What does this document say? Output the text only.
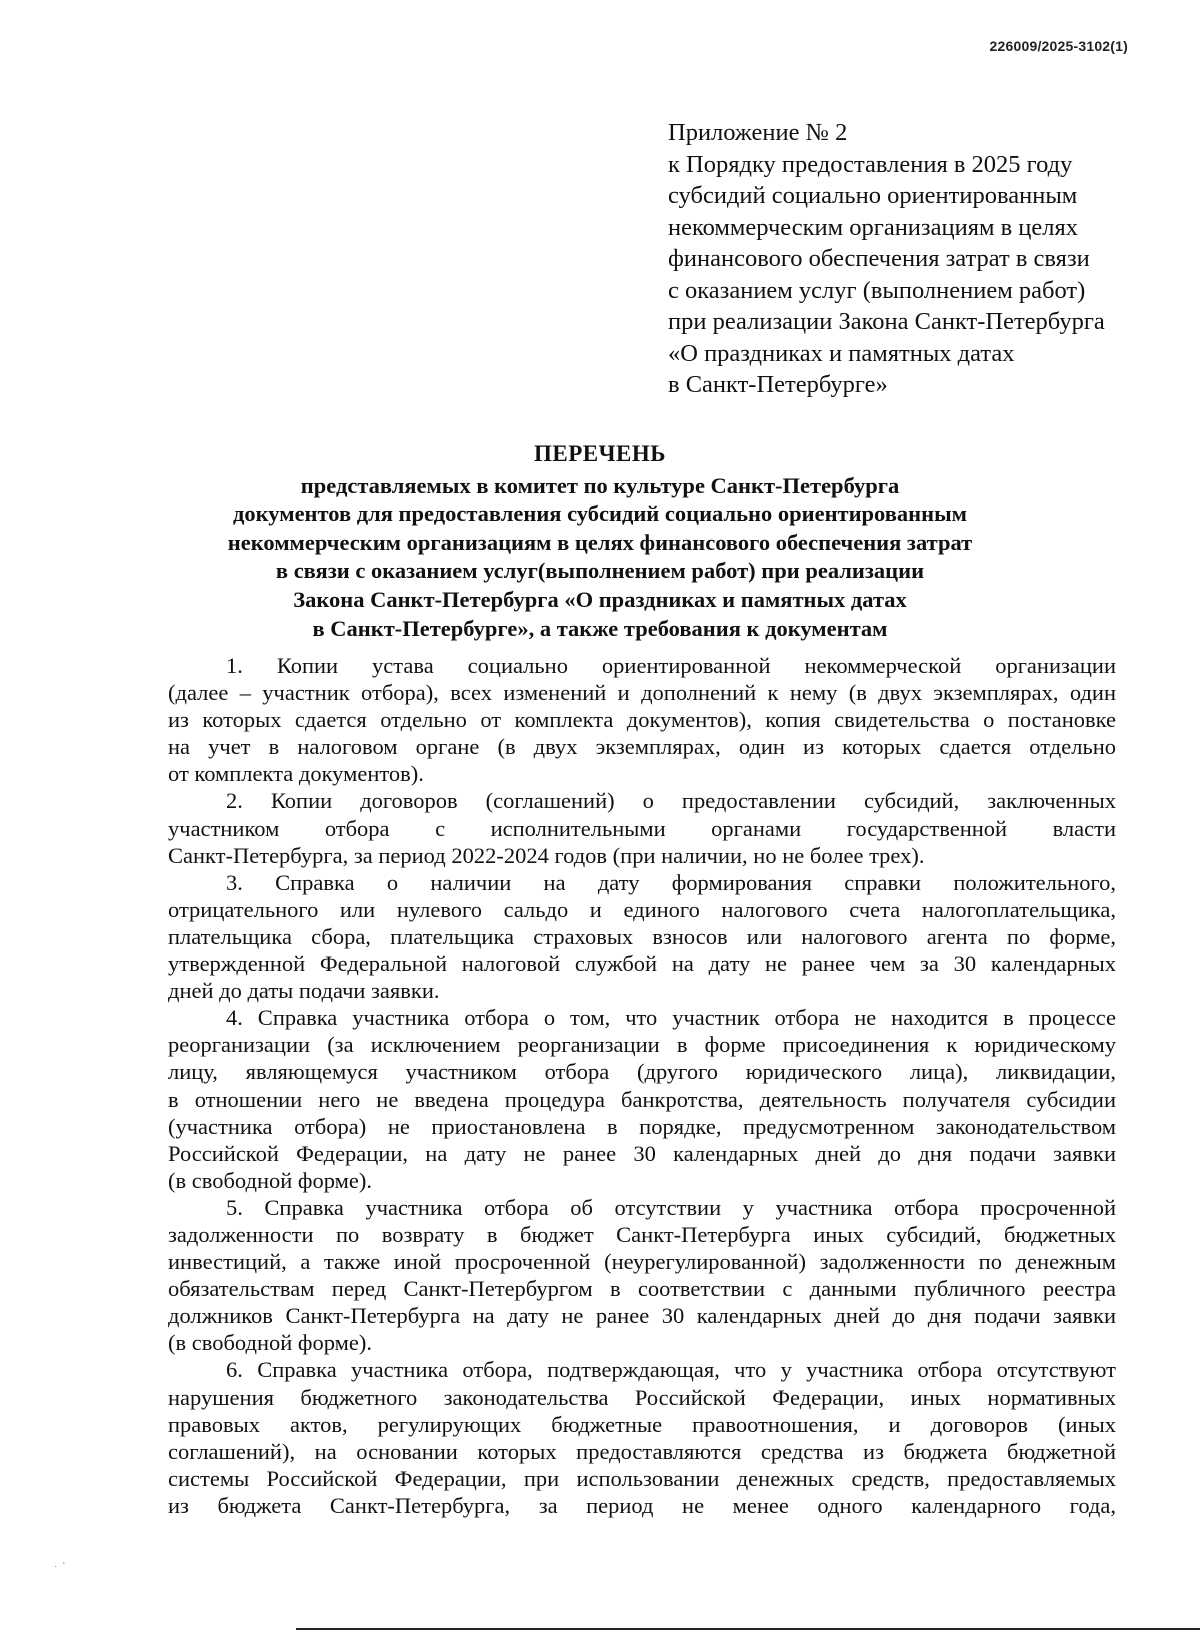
226009/2025-3102(1)
Приложение № 2
к Порядку предоставления в 2025 году
субсидий социально ориентированным
некоммерческим организациям в целях
финансового обеспечения затрат в связи
с оказанием услуг (выполнением работ)
при реализации Закона Санкт-Петербурга
«О праздниках и памятных датах
в Санкт-Петербурге»
ПЕРЕЧЕНЬ
представляемых в комитет по культуре Санкт-Петербурга
документов для предоставления субсидий социально ориентированным
некоммерческим организациям в целях финансового обеспечения затрат
в связи с оказанием услуг(выполнением работ) при реализации
Закона Санкт-Петербурга «О праздниках и памятных датах
в Санкт-Петербурге», а также требования к документам
1. Копии устава социально ориентированной некоммерческой организации
(далее – участник отбора), всех изменений и дополнений к нему (в двух экземплярах, один
из которых сдается отдельно от комплекта документов), копия свидетельства о постановке
на учет в налоговом органе (в двух экземплярах, один из которых сдается отдельно
от комплекта документов).
2. Копии договоров (соглашений) о предоставлении субсидий, заключенных
участником отбора с исполнительными органами государственной власти
Санкт-Петербурга, за период 2022-2024 годов (при наличии, но не более трех).
3. Справка о наличии на дату формирования справки положительного,
отрицательного или нулевого сальдо и единого налогового счета налогоплательщика,
плательщика сбора, плательщика страховых взносов или налогового агента по форме,
утвержденной Федеральной налоговой службой на дату не ранее чем за 30 календарных
дней до даты подачи заявки.
4. Справка участника отбора о том, что участник отбора не находится в процессе
реорганизации (за исключением реорганизации в форме присоединения к юридическому
лицу, являющемуся участником отбора (другого юридического лица), ликвидации,
в отношении него не введена процедура банкротства, деятельность получателя субсидии
(участника отбора) не приостановлена в порядке, предусмотренном законодательством
Российской Федерации, на дату не ранее 30 календарных дней до дня подачи заявки
(в свободной форме).
5. Справка участника отбора об отсутствии у участника отбора просроченной
задолженности по возврату в бюджет Санкт-Петербурга иных субсидий, бюджетных
инвестиций, а также иной просроченной (неурегулированной) задолженности по денежным
обязательствам перед Санкт-Петербургом в соответствии с данными публичного реестра
должников Санкт-Петербурга на дату не ранее 30 календарных дней до дня подачи заявки
(в свободной форме).
6. Справка участника отбора, подтверждающая, что у участника отбора отсутствуют
нарушения бюджетного законодательства Российской Федерации, иных нормативных
правовых актов, регулирующих бюджетные правоотношения, и договоров (иных
соглашений), на основании которых предоставляются средства из бюджета бюджетной
системы Российской Федерации, при использовании денежных средств, предоставляемых
из бюджета Санкт-Петербурга, за период не менее одного календарного года,
·  '
